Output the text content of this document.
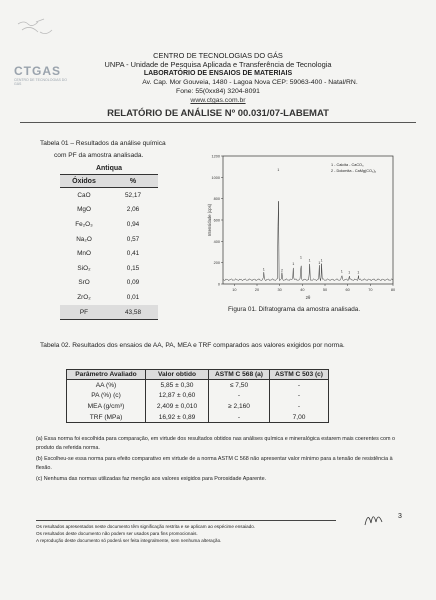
CENTRO DE TECNOLOGIAS DO GÁS
UNPA - Unidade de Pesquisa Aplicada e Transferência de Tecnologia
LABORATÓRIO DE ENSAIOS DE MATERIAIS
Av. Cap. Mor Gouveia, 1480 - Lagoa Nova CEP: 59063-400 - Natal/RN.
Fone: 55(0xx84) 3204-8091
www.ctgas.com.br
CTGAS
CENTRO DE TECNOLOGIAS DO GÁS
RELATÓRIO DE ANÁLISE Nº 00.031/07-LABEMAT
Tabela 01 – Resultados da análise química
com PF da amostra analisada.
Antiqua	
Óxidos	%
CaO	52,17
MgO	2,06
Fe₂O₃	0,94
Na₂O	0,57
MnO	0,41
SiO₂	0,15
SrO	0,09
ZrO₂	0,01
PF	43,58
0
200
400
600
800
1000
1200
10	20	30	40	50	60	70	80
2θ
Intensidade (cps)
1
1
2
1
1
1
1
1
1 1 1
1 - Calcita - CaCO₃
2 - Dolomita - CaMg(CO₃)₂
Figura 01. Difratograma da amostra analisada.
Tabela 02. Resultados dos ensaios de AA, PA, MEA e TRF comparados aos valores exigidos por norma.
Parâmetro Avaliado	Valor obtido	ASTM C 568 (a)	ASTM C 503 (c)
AA (%)	5,85 ± 0,30	≤ 7,50	-
PA (%) (c)	12,87 ± 0,60	-	-
MEA (g/cm³)	2,409 ± 0,010	≥ 2,160	-
TRF (MPa)	16,92 ± 0,89	-	7,00
(a) Essa norma foi escolhida para comparação, em virtude dos resultados obtidos nas análises química e mineralógica estarem mais coerentes com o produto da referida norma.
(b) Escolheu-se essa norma para efeito comparativo em virtude de a norma ASTM C 568 não apresentar valor mínimo para a tensão de resistência à flexão.
(c) Nenhuma das normas utilizadas faz menção aos valores exigidos para Porosidade Aparente.
3
Os resultados apresentados neste documento têm significação restrita e se aplicam ao espécime ensaiado.
Os resultados deste documento não podem ser usados para fins promocionais.
A reprodução deste documento só poderá ser feita integralmente, sem nenhuma alteração.
